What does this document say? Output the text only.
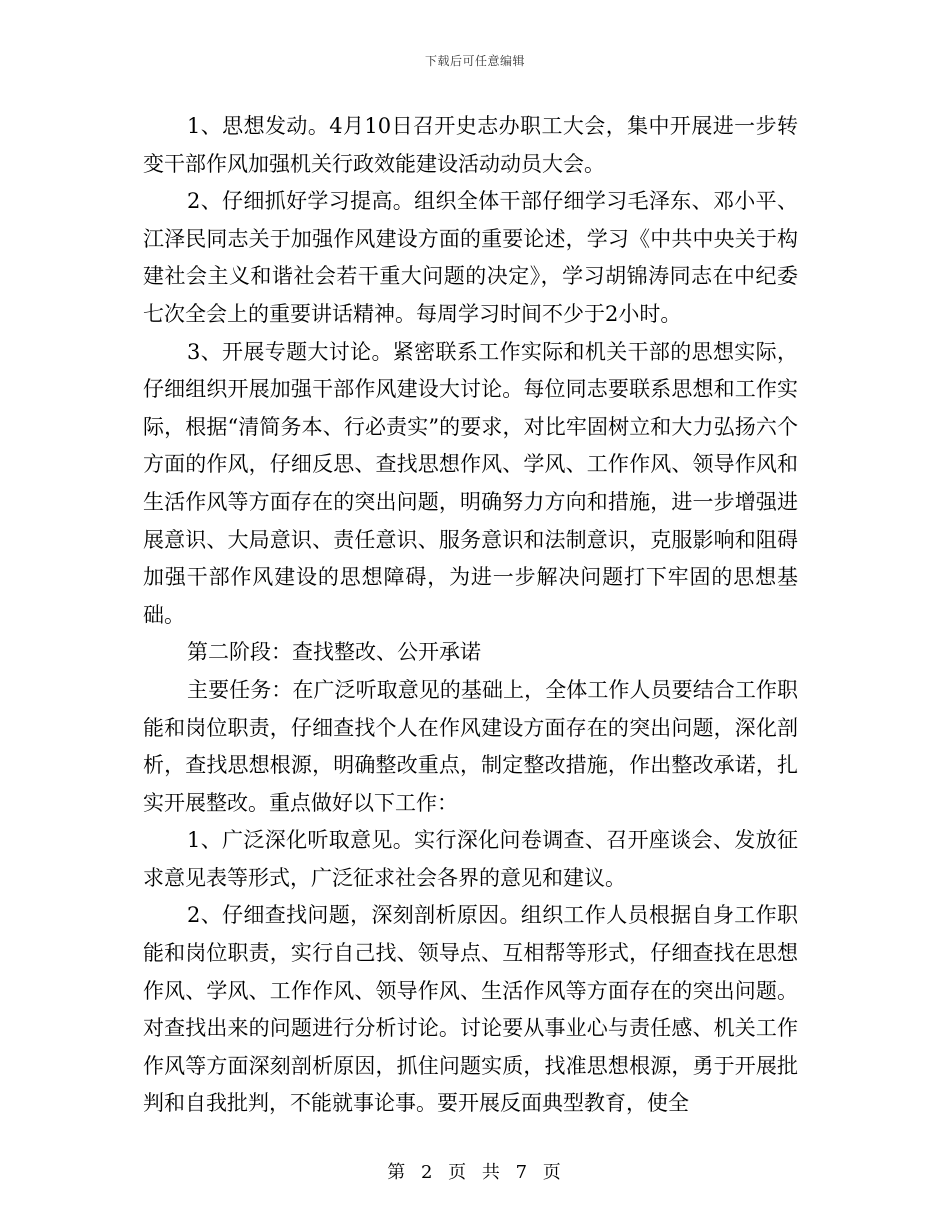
下载后可任意编辑

1、思想发动。4月10日召开史志办职工大会，集中开展进一步转变干部作风加强机关行政效能建设活动动员大会。

2、仔细抓好学习提高。组织全体干部仔细学习毛泽东、邓小平、江泽民同志关于加强作风建设方面的重要论述，学习《中共中央关于构建社会主义和谐社会若干重大问题的决定》，学习胡锦涛同志在中纪委七次全会上的重要讲话精神。每周学习时间不少于2小时。

3、开展专题大讨论。紧密联系工作实际和机关干部的思想实际，仔细组织开展加强干部作风建设大讨论。每位同志要联系思想和工作实际，根据“清简务本、行必责实”的要求，对比牢固树立和大力弘扬六个方面的作风，仔细反思、查找思想作风、学风、工作作风、领导作风和生活作风等方面存在的突出问题，明确努力方向和措施，进一步增强进展意识、大局意识、责任意识、服务意识和法制意识，克服影响和阻碍加强干部作风建设的思想障碍，为进一步解决问题打下牢固的思想基础。

第二阶段：查找整改、公开承诺

主要任务：在广泛听取意见的基础上，全体工作人员要结合工作职能和岗位职责，仔细查找个人在作风建设方面存在的突出问题，深化剖析，查找思想根源，明确整改重点，制定整改措施，作出整改承诺，扎实开展整改。重点做好以下工作：

1、广泛深化听取意见。实行深化问卷调查、召开座谈会、发放征求意见表等形式，广泛征求社会各界的意见和建议。

2、仔细查找问题，深刻剖析原因。组织工作人员根据自身工作职能和岗位职责，实行自己找、领导点、互相帮等形式，仔细查找在思想作风、学风、工作作风、领导作风、生活作风等方面存在的突出问题。对查找出来的问题进行分析讨论。讨论要从事业心与责任感、机关工作作风等方面深刻剖析原因，抓住问题实质，找准思想根源，勇于开展批判和自我批判，不能就事论事。要开展反面典型教育，使全

第 2 页 共 7 页
